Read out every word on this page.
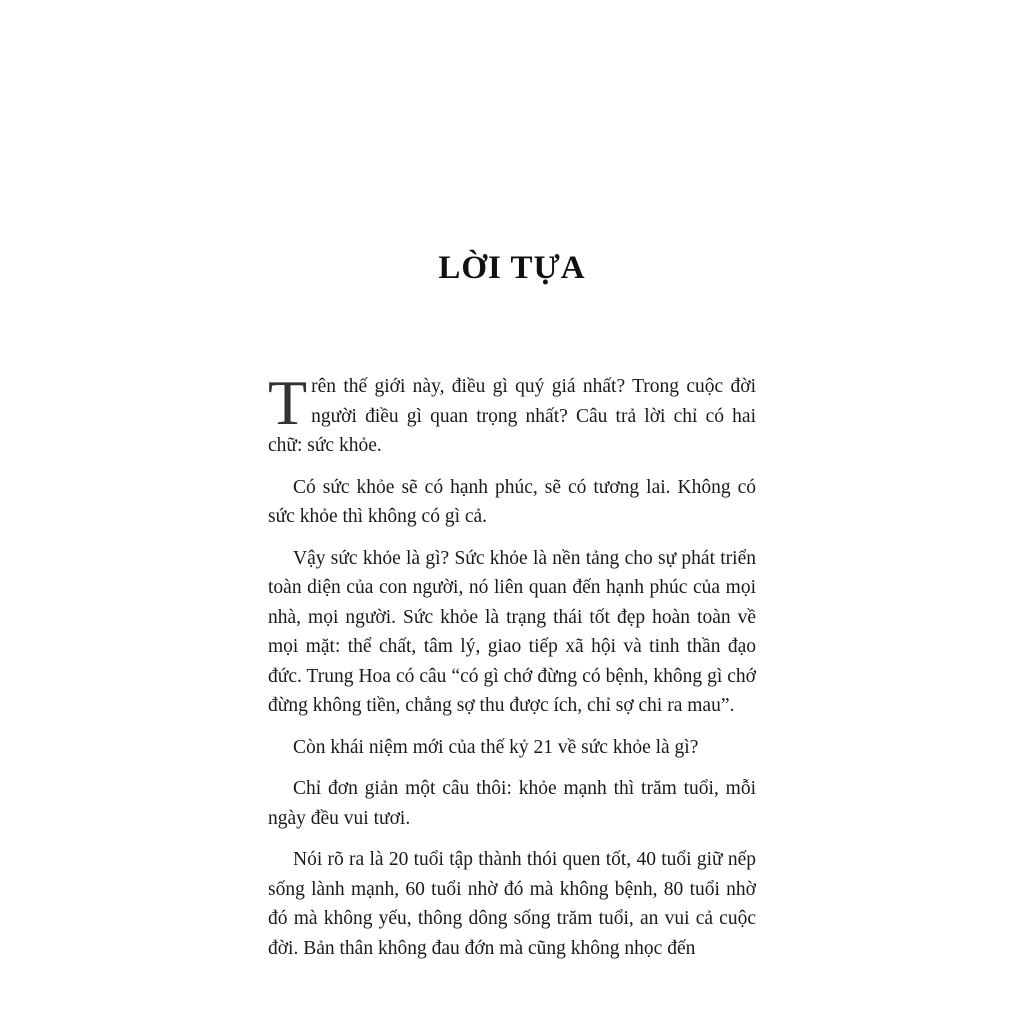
LỜI TỰA

Trên thế giới này, điều gì quý giá nhất? Trong cuộc đời người điều gì quan trọng nhất? Câu trả lời chỉ có hai chữ: sức khỏe.

Có sức khỏe sẽ có hạnh phúc, sẽ có tương lai. Không có sức khỏe thì không có gì cả.

Vậy sức khỏe là gì? Sức khỏe là nền tảng cho sự phát triển toàn diện của con người, nó liên quan đến hạnh phúc của mọi nhà, mọi người. Sức khỏe là trạng thái tốt đẹp hoàn toàn về mọi mặt: thể chất, tâm lý, giao tiếp xã hội và tinh thần đạo đức. Trung Hoa có câu “có gì chớ đừng có bệnh, không gì chớ đừng không tiền, chẳng sợ thu được ích, chỉ sợ chi ra mau”.

Còn khái niệm mới của thế kỷ 21 về sức khỏe là gì?

Chỉ đơn giản một câu thôi: khỏe mạnh thì trăm tuổi, mỗi ngày đều vui tươi.

Nói rõ ra là 20 tuổi tập thành thói quen tốt, 40 tuổi giữ nếp sống lành mạnh, 60 tuổi nhờ đó mà không bệnh, 80 tuổi nhờ đó mà không yếu, thông dông sống trăm tuổi, an vui cả cuộc đời. Bản thân không đau đớn mà cũng không nhọc đến
